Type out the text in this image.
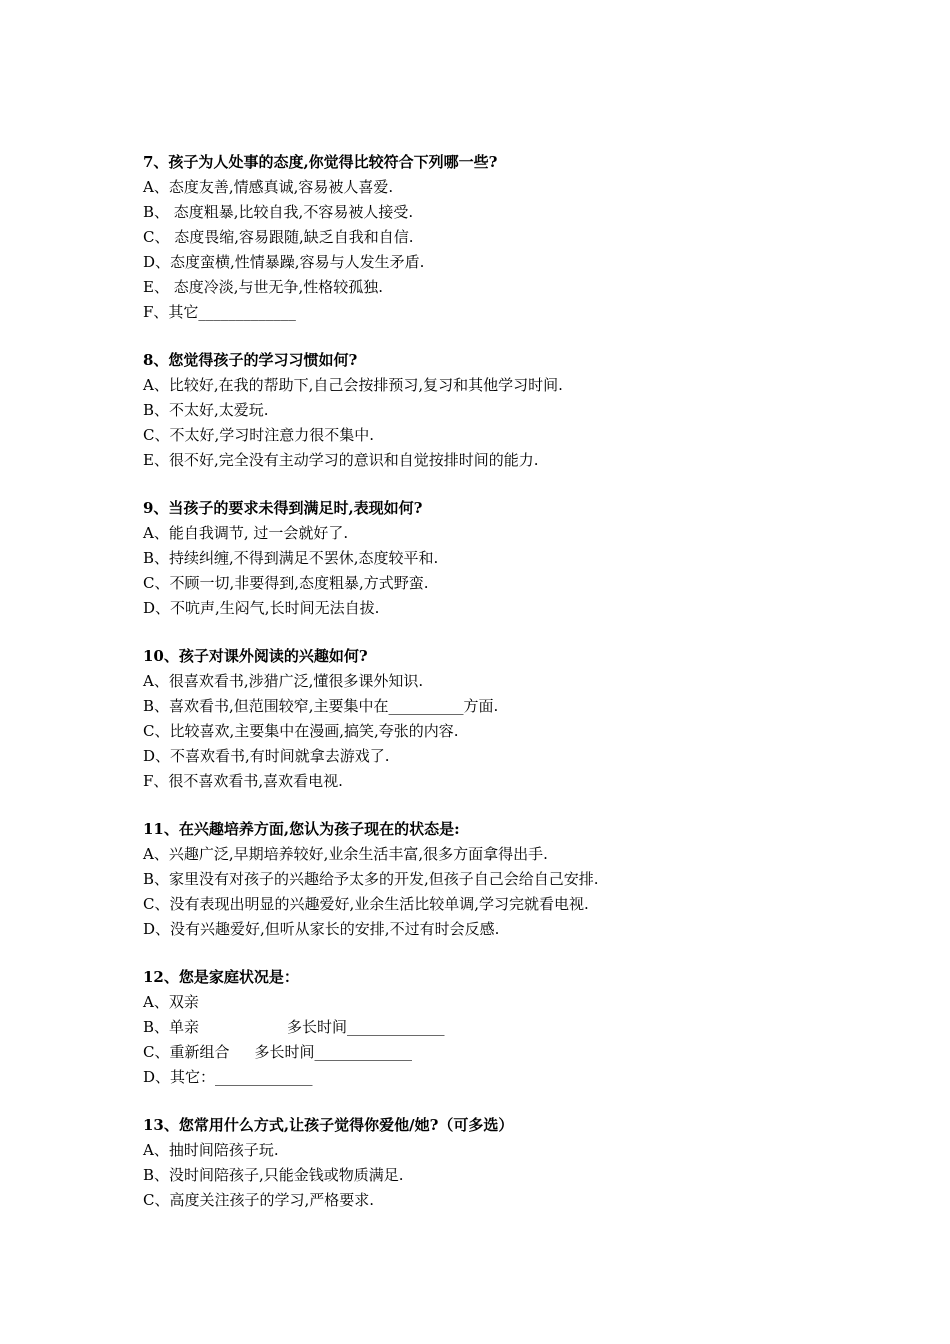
7、孩子为人处事的态度,你觉得比较符合下列哪一些?
A、态度友善,情感真诚,容易被人喜爱.
B、 态度粗暴,比较自我,不容易被人接受.
C、 态度畏缩,容易跟随,缺乏自我和自信.
D、态度蛮横,性情暴躁,容易与人发生矛盾.
E、 态度冷淡,与世无争,性格较孤独.
F、其它_____________
8、您觉得孩子的学习习惯如何?
A、比较好,在我的帮助下,自己会按排预习,复习和其他学习时间.
B、不太好,太爱玩.
C、不太好,学习时注意力很不集中.
E、很不好,完全没有主动学习的意识和自觉按排时间的能力.
9、当孩子的要求未得到满足时,表现如何?
A、能自我调节, 过一会就好了.
B、持续纠缠,不得到满足不罢休,态度较平和.
C、不顾一切,非要得到,态度粗暴,方式野蛮.
D、不吭声,生闷气,长时间无法自拔.
10、孩子对课外阅读的兴趣如何?
A、很喜欢看书,涉猎广泛,懂很多课外知识.
B、喜欢看书,但范围较窄,主要集中在__________方面.
C、比较喜欢,主要集中在漫画,搞笑,夸张的内容.
D、不喜欢看书,有时间就拿去游戏了.
F、很不喜欢看书,喜欢看电视.
11、在兴趣培养方面,您认为孩子现在的状态是:
A、兴趣广泛,早期培养较好,业余生活丰富,很多方面拿得出手.
B、家里没有对孩子的兴趣给予太多的开发,但孩子自己会给自己安排.
C、没有表现出明显的兴趣爱好,业余生活比较单调,学习完就看电视.
D、没有兴趣爱好,但听从家长的安排,不过有时会反感.
12、您是家庭状况是：
A、双亲
B、单亲	多长时间_____________
C、重新组合 多长时间_____________
D、其它：_____________
13、您常用什么方式,让孩子觉得你爱他/她?（可多选）
A、抽时间陪孩子玩.
B、没时间陪孩子,只能金钱或物质满足.
C、高度关注孩子的学习,严格要求.
